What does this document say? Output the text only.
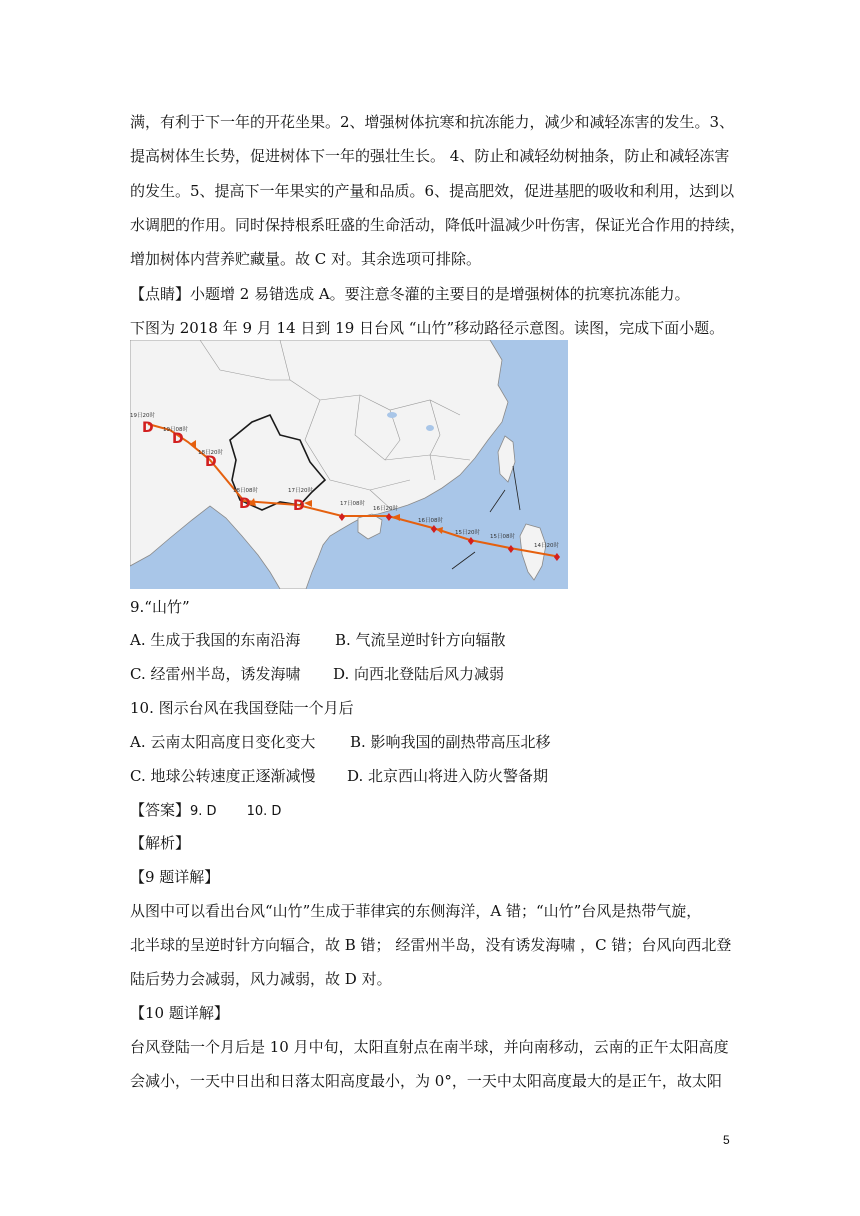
满，有利于下一年的开花坐果。2、增强树体抗寒和抗冻能力，减少和减轻冻害的发生。3、
提高树体生长势，促进树体下一年的强壮生长。 4、防止和减轻幼树抽条，防止和减轻冻害
的发生。5、提高下一年果实的产量和品质。6、提高肥效，促进基肥的吸收和利用，达到以
水调肥的作用。同时保持根系旺盛的生命活动，降低叶温减少叶伤害，保证光合作用的持续，
增加树体内营养贮藏量。故 C 对。其余选项可排除。
【点睛】小题增 2 易错选成 A。要注意冬灌的主要目的是增强树体的抗寒抗冻能力。
下图为 2018 年 9 月 14 日到 19 日台风 “山竹”移动路径示意图。读图，完成下面小题。
♦
♦
♦
♦
♦
♦
D
D
D
D
D
14日20时
15日08时
15日20时
16日08时
16日20时
17日08时
17日20时
18日08时
18日20时
19日08时
19日20时
9.“山竹”
A. 生成于我国的东南沿海 B. 气流呈逆时针方向辐散
C. 经雷州半岛，诱发海啸 D. 向西北登陆后风力减弱
10. 图示台风在我国登陆一个月后
A. 云南太阳高度日变化变大 B. 影响我国的副热带高压北移
C. 地球公转速度正逐渐减慢 D. 北京西山将进入防火警备期
【答案】9. D 10. D
【解析】
【9 题详解】
从图中可以看出台风“山竹”生成于菲律宾的东侧海洋，A 错；“山竹”台风是热带气旋，
北半球的呈逆时针方向辐合，故 B 错； 经雷州半岛，没有诱发海啸 ，C 错；台风向西北登
陆后势力会减弱，风力减弱，故 D 对。
【10 题详解】
台风登陆一个月后是 10 月中旬，太阳直射点在南半球，并向南移动，云南的正午太阳高度
会减小，一天中日出和日落太阳高度最小，为 0°，一天中太阳高度最大的是正午，故太阳
5
